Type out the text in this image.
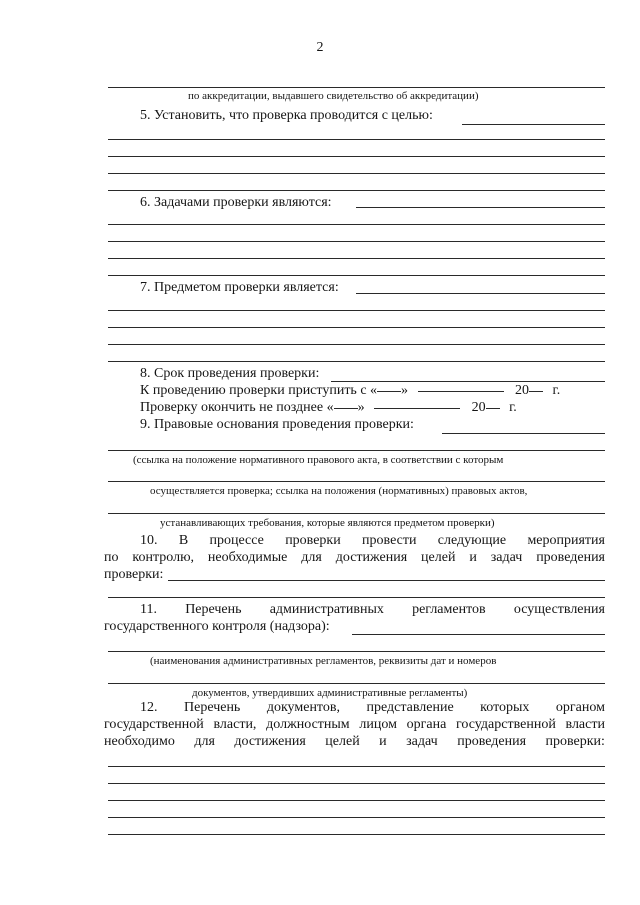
2
по аккредитации, выдавшего свидетельство об аккредитации)
5. Установить, что проверка проводится с целью:
6. Задачами проверки являются:
7. Предметом проверки является:
8. Срок проведения проверки:
К проведению проверки приступить с « »	20 г.
Проверку окончить не позднее « »	20 г.
9. Правовые основания проведения проверки:
(ссылка на положение нормативного правового акта, в соответствии с которым
осуществляется проверка; ссылка на положения (нормативных) правовых актов,
устанавливающих требования, которые являются предметом проверки)
10. В процессе проверки провести следующие мероприятия
по контролю, необходимые для достижения целей и задач проведения
проверки:
11. Перечень административных регламентов осуществления
государственного контроля (надзора):
(наименования административных регламентов, реквизиты дат и номеров
документов, утвердивших административные регламенты)
12. Перечень документов, представление которых органом
государственной власти, должностным лицом органа государственной власти
необходимо для достижения целей и задач проведения проверки:
